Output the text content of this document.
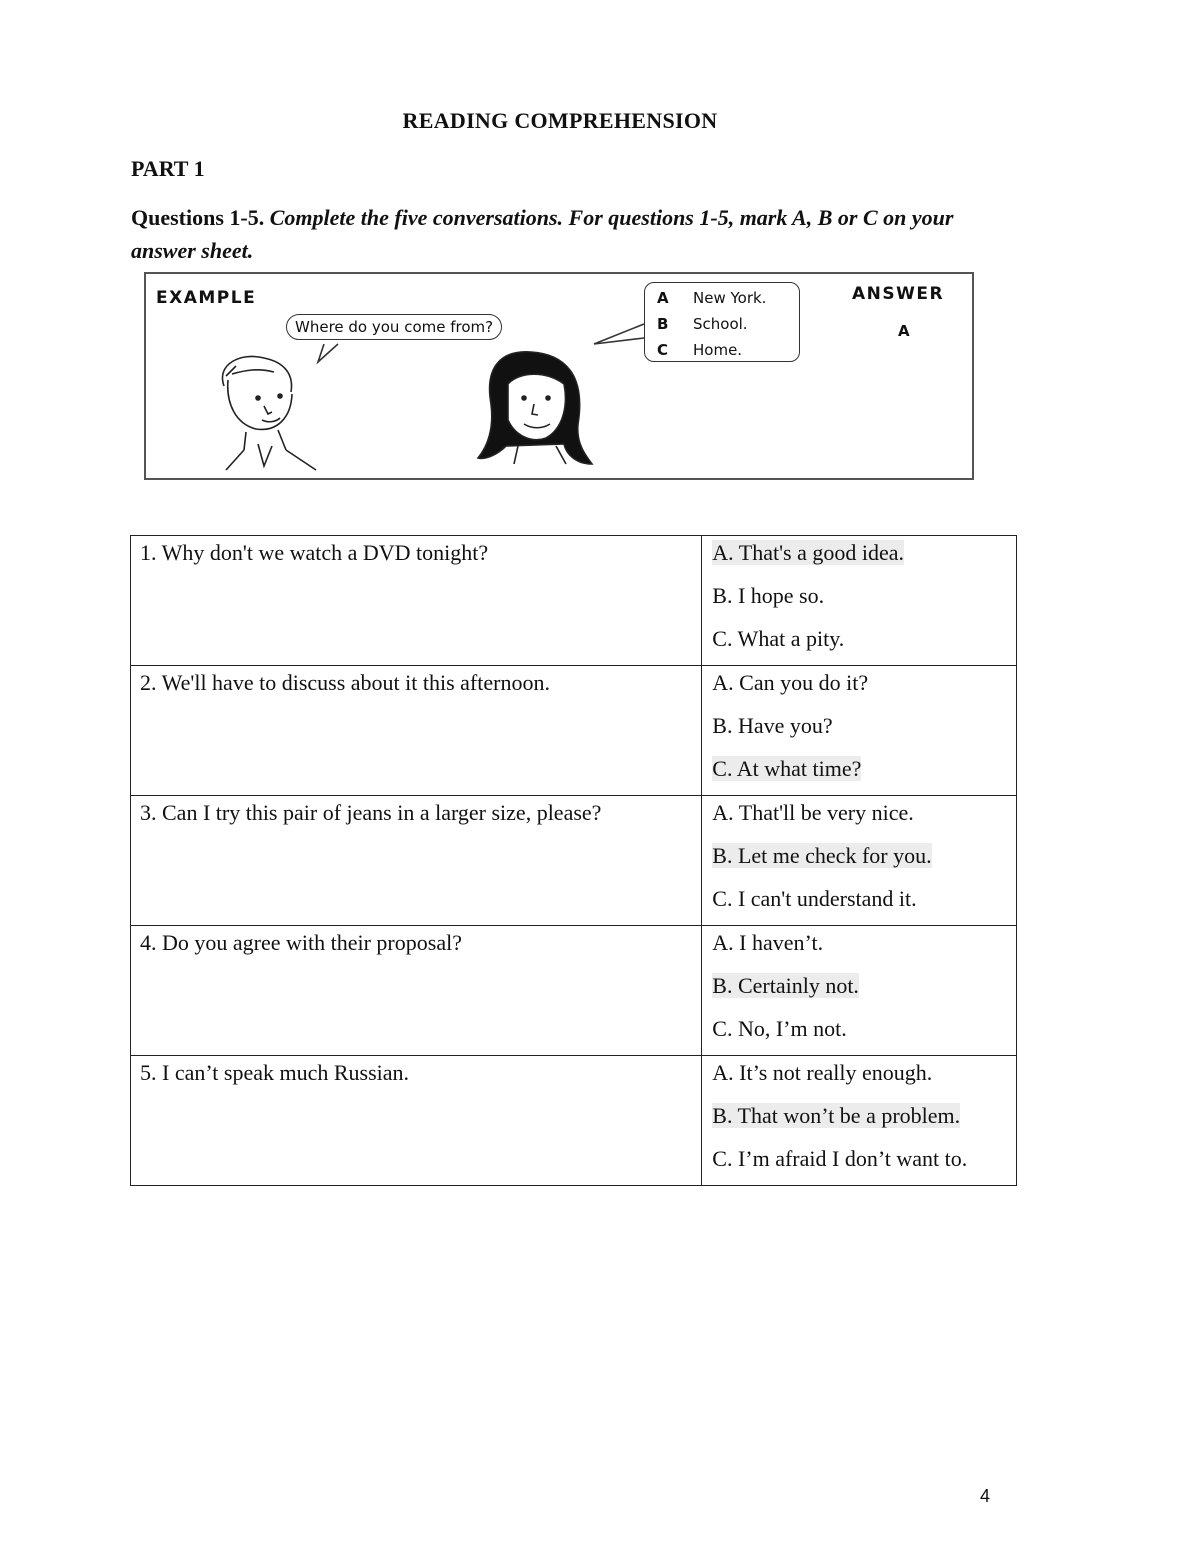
READING COMPREHENSION
PART 1
Questions 1-5. Complete the five conversations. For questions 1-5, mark A, B or C on your answer sheet.
EXAMPLE
Where do you come from?
A New York.
B School.
C Home.
ANSWER
A
1. Why don't we watch a DVD tonight?	A. That's a good idea.
B. I hope so.
C. What a pity.

2. We'll have to discuss about it this afternoon.	A. Can you do it?
B. Have you?
C. At what time?

3. Can I try this pair of jeans in a larger size, please?	A. That'll be very nice.
B. Let me check for you.
C. I can't understand it.

4. Do you agree with their proposal?	A. I haven’t.
B. Certainly not.
C. No, I’m not.

5. I can’t speak much Russian.	A. It’s not really enough.
B. That won’t be a problem.
C. I’m afraid I don’t want to.
4
